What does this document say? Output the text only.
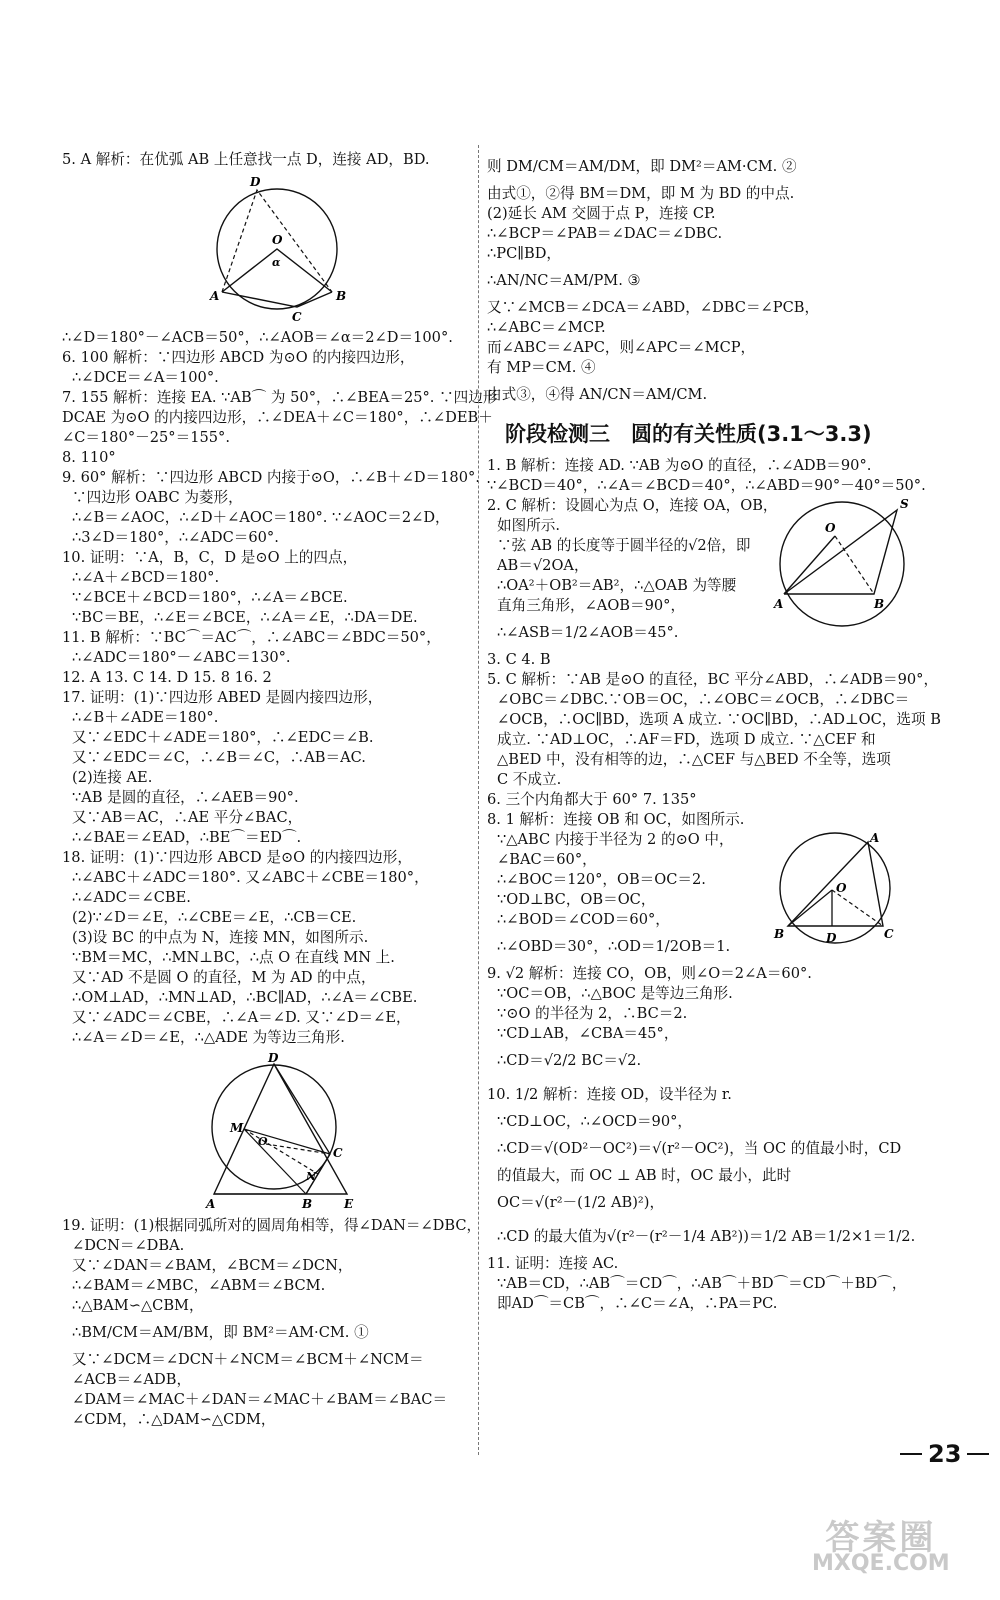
5. A 解析：在优弧 AB 上任意找一点 D，连接 AD，BD.
D
O
α
A
C
B
∴∠D＝180°－∠ACB＝50°，∴∠AOB＝∠α＝2∠D＝100°.
6. 100 解析：∵四边形 ABCD 为⊙O 的内接四边形，
∴∠DCE＝∠A＝100°.
7. 155 解析：连接 EA. ∵AB⌒ 为 50°，∴∠BEA＝25°. ∵四边形
DCAE 为⊙O 的内接四边形，∴∠DEA＋∠C＝180°，∴∠DEB＋
∠C＝180°－25°＝155°.
8. 110°
9. 60° 解析：∵四边形 ABCD 内接于⊙O，∴∠B＋∠D＝180°.
∵四边形 OABC 为菱形，
∴∠B＝∠AOC，∴∠D＋∠AOC＝180°. ∵∠AOC＝2∠D，
∴3∠D＝180°，∴∠ADC＝60°.
10. 证明：∵A，B，C，D 是⊙O 上的四点，
∴∠A＋∠BCD＝180°.
∵∠BCE＋∠BCD＝180°，∴∠A＝∠BCE.
∵BC＝BE，∴∠E＝∠BCE，∴∠A＝∠E，∴DA＝DE.
11. B 解析：∵BC⌒＝AC⌒，∴∠ABC＝∠BDC＝50°，
∴∠ADC＝180°－∠ABC＝130°.
12. A 13. C 14. D 15. 8 16. 2
17. 证明：(1)∵四边形 ABED 是圆内接四边形，
∴∠B＋∠ADE＝180°.
又∵∠EDC＋∠ADE＝180°，∴∠EDC＝∠B.
又∵∠EDC＝∠C，∴∠B＝∠C，∴AB＝AC.
(2)连接 AE.
∵AB 是圆的直径，∴∠AEB＝90°.
又∵AB＝AC，∴AE 平分∠BAC，
∴∠BAE＝∠EAD，∴BE⌒＝ED⌒.
18. 证明：(1)∵四边形 ABCD 是⊙O 的内接四边形，
∴∠ABC＋∠ADC＝180°. 又∠ABC＋∠CBE＝180°，
∴∠ADC＝∠CBE.
(2)∵∠D＝∠E，∴∠CBE＝∠E，∴CB＝CE.
(3)设 BC 的中点为 N，连接 MN，如图所示.
∵BM＝MC，∴MN⊥BC，∴点 O 在直线 MN 上.
又∵AD 不是圆 O 的直径，M 为 AD 的中点，
∴OM⊥AD，∴MN⊥AD，∴BC∥AD，∴∠A＝∠CBE.
又∵∠ADC＝∠CBE，∴∠A＝∠D. 又∵∠D＝∠E，
∴∠A＝∠D＝∠E，∴△ADE 为等边三角形.
D
M
O
C
N
A	B	E
19. 证明：(1)根据同弧所对的圆周角相等，得∠DAN＝∠DBC，
∠DCN＝∠DBA.
又∵∠DAN＝∠BAM，∠BCM＝∠DCN，
∴∠BAM＝∠MBC，∠ABM＝∠BCM.
∴△BAM∽△CBM，
∴BM/CM＝AM/BM，即 BM²＝AM·CM. ①
又∵∠DCM＝∠DCN＋∠NCM＝∠BCM＋∠NCM＝
∠ACB＝∠ADB，
∠DAM＝∠MAC＋∠DAN＝∠MAC＋∠BAM＝∠BAC＝
∠CDM，∴△DAM∽△CDM，
则 DM/CM＝AM/DM，即 DM²＝AM·CM. ②
由式①，②得 BM＝DM，即 M 为 BD 的中点.
(2)延长 AM 交圆于点 P，连接 CP.
∴∠BCP＝∠PAB＝∠DAC＝∠DBC.
∴PC∥BD，
∴AN/NC＝AM/PM. ③
又∵∠MCB＝∠DCA＝∠ABD，∠DBC＝∠PCB，
∴∠ABC＝∠MCP.
而∠ABC＝∠APC，则∠APC＝∠MCP，
有 MP＝CM. ④
由式③，④得 AN/CN＝AM/CM.
阶段检测三　圆的有关性质(3.1～3.3)
1. B 解析：连接 AD. ∵AB 为⊙O 的直径，∴∠ADB＝90°.
∵∠BCD＝40°，∴∠A＝∠BCD＝40°，∴∠ABD＝90°－40°＝50°.
2. C 解析：设圆心为点 O，连接 OA，OB，
如图所示.
∵弦 AB 的长度等于圆半径的√2倍，即
AB＝√2OA，
∴OA²＋OB²＝AB²，∴△OAB 为等腰
直角三角形，∠AOB＝90°，
∴∠ASB＝1/2∠AOB＝45°.
3. C 4. B
5. C 解析：∵AB 是⊙O 的直径，BC 平分∠ABD，∴∠ADB＝90°，
∠OBC＝∠DBC.∵OB＝OC，∴∠OBC＝∠OCB，∴∠DBC＝
∠OCB，∴OC∥BD，选项 A 成立. ∵OC∥BD，∴AD⊥OC，选项 B
成立. ∵AD⊥OC，∴AF＝FD，选项 D 成立. ∵△CEF 和
△BED 中，没有相等的边，∴△CEF 与△BED 不全等，选项
C 不成立.
6. 三个内角都大于 60° 7. 135°
8. 1 解析：连接 OB 和 OC，如图所示.
∵△ABC 内接于半径为 2 的⊙O 中，
∠BAC＝60°，
∴∠BOC＝120°，OB＝OC＝2.
∵OD⊥BC，OB＝OC，
∴∠BOD＝∠COD＝60°，
∴∠OBD＝30°，∴OD＝1/2OB＝1.
9. √2 解析：连接 CO，OB，则∠O＝2∠A＝60°.
∵OC＝OB，∴△BOC 是等边三角形.
∵⊙O 的半径为 2，∴BC＝2.
∵CD⊥AB，∠CBA＝45°，
∴CD＝√2/2 BC＝√2.
10. 1/2 解析：连接 OD，设半径为 r.
∵CD⊥OC，∴∠OCD＝90°，
∴CD＝√(OD²－OC²)＝√(r²－OC²)，当 OC 的值最小时，CD
的值最大，而 OC ⊥ AB 时，OC 最小，此时
OC＝√(r²－(1/2 AB)²)，
∴CD 的最大值为√(r²－(r²－1/4 AB²))＝1/2 AB＝1/2×1＝1/2.
11. 证明：连接 AC.
∵AB＝CD，∴AB⌒＝CD⌒，∴AB⌒＋BD⌒＝CD⌒＋BD⌒，
即AD⌒＝CB⌒，∴∠C＝∠A，∴PA＝PC.
S
O
A	B
A
O
B	D	C
23
答案圈
MXQE.COM
